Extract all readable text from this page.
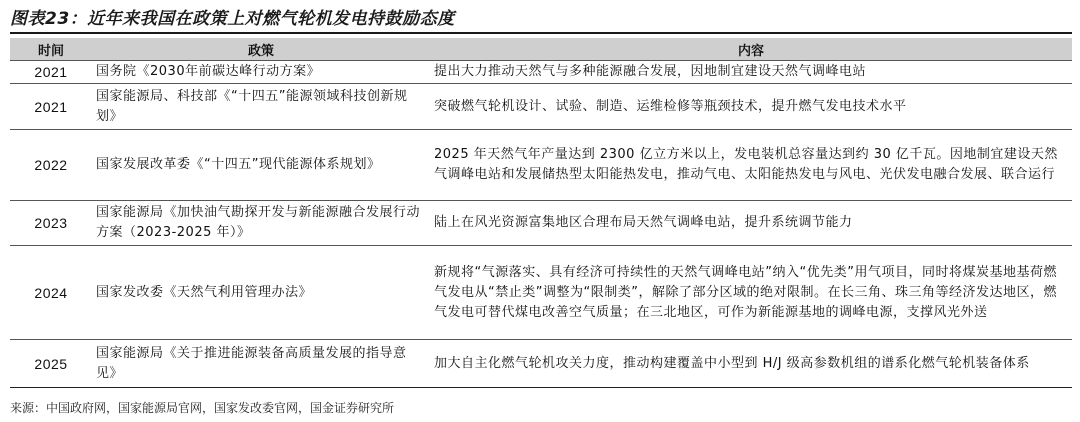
图表23：近年来我国在政策上对燃气轮机发电持鼓励态度
时间	政策	内容
2021	国务院《2030年前碳达峰行动方案》	提出大力推动天然气与多种能源融合发展，因地制宜建设天然气调峰电站
2021	国家能源局、科技部《“十四五”能源领域科技创新规划》	突破燃气轮机设计、试验、制造、运维检修等瓶颈技术，提升燃气发电技术水平
2022	国家发展改革委《“十四五”现代能源体系规划》	2025 年天然气年产量达到 2300 亿立方米以上，发电装机总容量达到约 30 亿千瓦。因地制宜建设天然气调峰电站和发展储热型太阳能热发电，推动气电、太阳能热发电与风电、光伏发电融合发展、联合运行
2023	国家能源局《加快油气勘探开发与新能源融合发展行动方案（2023-2025 年）》	陆上在风光资源富集地区合理布局天然气调峰电站，提升系统调节能力
2024	国家发改委《天然气利用管理办法》	新规将“气源落实、具有经济可持续性的天然气调峰电站”纳入“优先类”用气项目，同时将煤炭基地基荷燃气发电从“禁止类”调整为“限制类”，解除了部分区域的绝对限制。在长三角、珠三角等经济发达地区，燃气发电可替代煤电改善空气质量；在三北地区，可作为新能源基地的调峰电源，支撑风光外送
2025	国家能源局《关于推进能源装备高质量发展的指导意见》	加大自主化燃气轮机攻关力度，推动构建覆盖中小型到 H/J 级高参数机组的谱系化燃气轮机装备体系
来源：中国政府网，国家能源局官网，国家发改委官网，国金证券研究所
